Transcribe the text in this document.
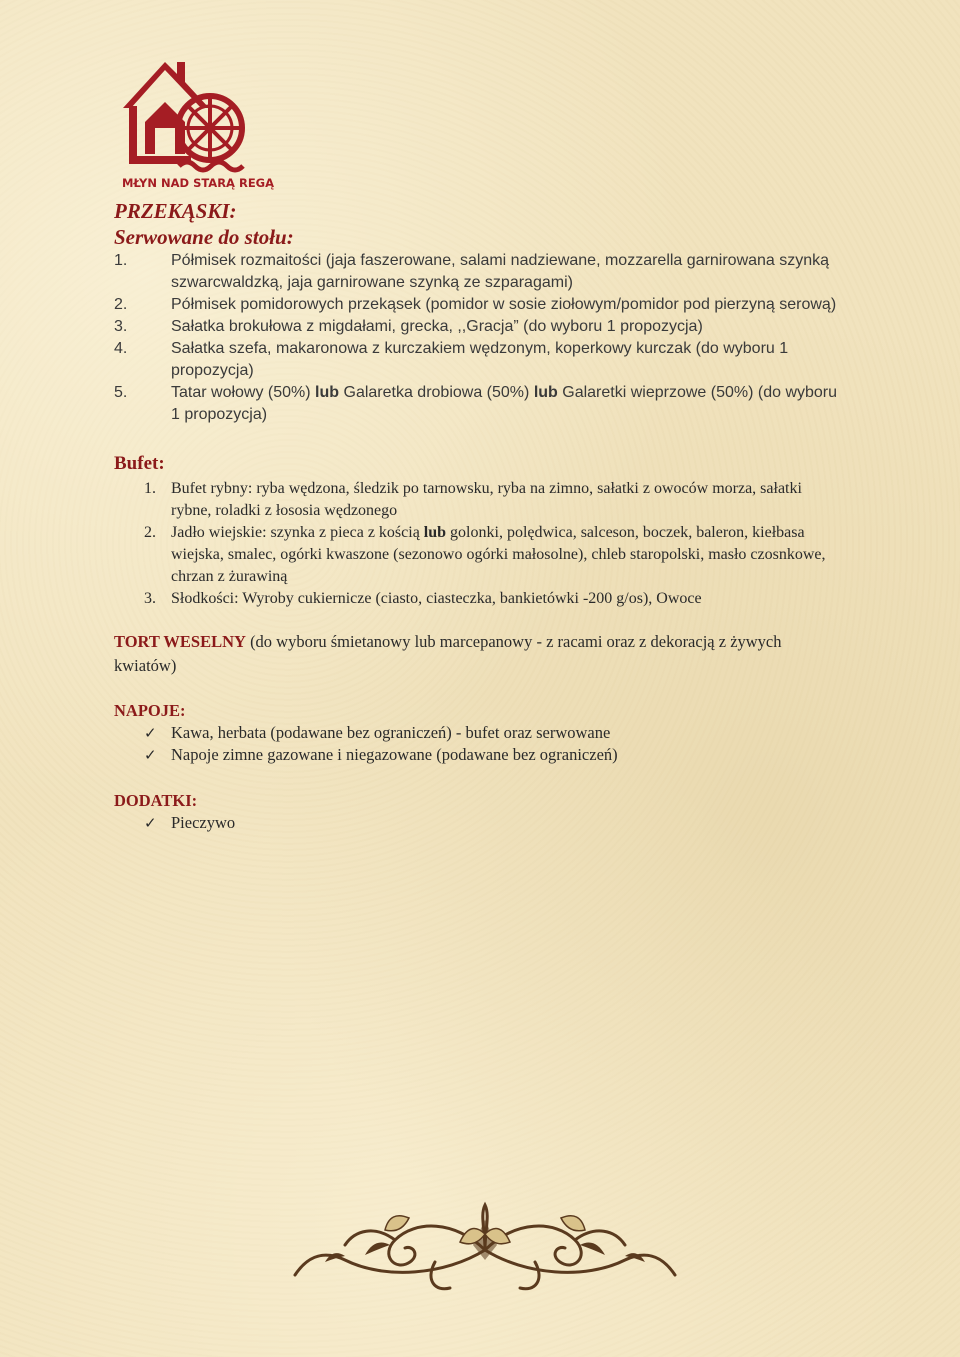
MŁYN NAD STARĄ REGĄ

PRZEKĄSKI:

Serwowane do stołu:

1.	Półmisek rozmaitości (jaja faszerowane, salami nadziewane, mozzarella garnirowana szynką szwarcwaldzką, jaja garnirowane szynką ze szparagami)
2.	Półmisek pomidorowych przekąsek (pomidor w sosie ziołowym/pomidor pod pierzyną serową)
3.	Sałatka brokułowa z migdałami, grecka, ,,Gracja” (do wyboru 1 propozycja)
4.	Sałatka szefa, makaronowa z kurczakiem wędzonym, koperkowy kurczak (do wyboru 1 propozycja)
5.	Tatar wołowy (50%) lub Galaretka drobiowa (50%) lub Galaretki wieprzowe (50%) (do wyboru 1 propozycja)

Bufet:

1. Bufet rybny: ryba wędzona, śledzik po tarnowsku, ryba na zimno, sałatki z owoców morza, sałatki rybne, roladki z łososia wędzonego
2. Jadło wiejskie: szynka z pieca z kością lub golonki, polędwica, salceson, boczek, baleron, kiełbasa wiejska, smalec, ogórki kwaszone (sezonowo ogórki małosolne), chleb staropolski, masło czosnkowe, chrzan z żurawiną
3. Słodkości: Wyroby cukiernicze (ciasto, ciasteczka, bankietówki -200 g/os), Owoce

TORT WESELNY (do wyboru śmietanowy lub marcepanowy - z racami oraz z dekoracją z żywych kwiatów)

NAPOJE:

✓ Kawa, herbata (podawane bez ograniczeń) - bufet oraz serwowane
✓ Napoje zimne gazowane i niegazowane (podawane bez ograniczeń)

DODATKI:

✓ Pieczywo
